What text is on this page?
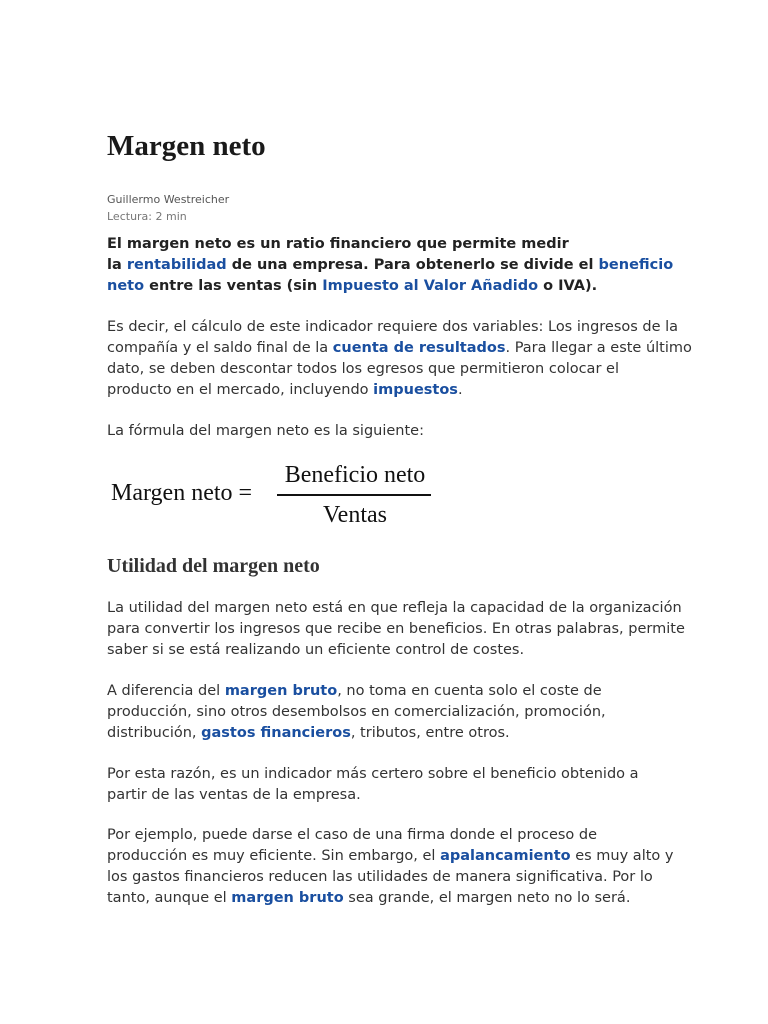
Margen neto
Guillermo Westreicher
Lectura: 2 min

El margen neto es un ratio financiero que permite medir
la rentabilidad de una empresa. Para obtenerlo se divide el beneficio
neto entre las ventas (sin Impuesto al Valor Añadido o IVA).

Es decir, el cálculo de este indicador requiere dos variables: Los ingresos de la
compañía y el saldo final de la cuenta de resultados. Para llegar a este último
dato, se deben descontar todos los egresos que permitieron colocar el
producto en el mercado, incluyendo impuestos.

La fórmula del margen neto es la siguiente:

Margen neto =
Beneficio neto
Ventas
Utilidad del margen neto

La utilidad del margen neto está en que refleja la capacidad de la organización
para convertir los ingresos que recibe en beneficios. En otras palabras, permite
saber si se está realizando un eficiente control de costes.

A diferencia del margen bruto, no toma en cuenta solo el coste de
producción, sino otros desembolsos en comercialización, promoción,
distribución, gastos financieros, tributos, entre otros.

Por esta razón, es un indicador más certero sobre el beneficio obtenido a
partir de las ventas de la empresa.

Por ejemplo, puede darse el caso de una firma donde el proceso de
producción es muy eficiente. Sin embargo, el apalancamiento es muy alto y
los gastos financieros reducen las utilidades de manera significativa. Por lo
tanto, aunque el margen bruto sea grande, el margen neto no lo será.
